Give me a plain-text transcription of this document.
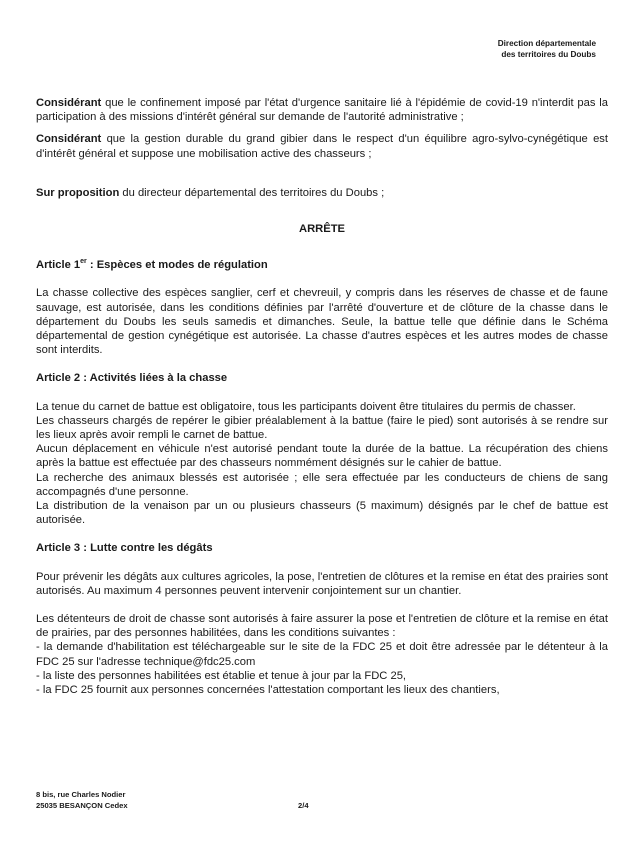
Direction départementale
des territoires du Doubs

Considérant que le confinement imposé par l'état d'urgence sanitaire lié à l'épidémie de covid-19 n'interdit pas la participation à des missions d'intérêt général sur demande de l'autorité administrative ;

Considérant que la gestion durable du grand gibier dans le respect d'un équilibre agro-sylvo-cynégétique est d'intérêt général et suppose une mobilisation active des chasseurs ;

Sur proposition du directeur départemental des territoires du Doubs ;

ARRÊTE

Article 1er : Espèces et modes de régulation

La chasse collective des espèces sanglier, cerf et chevreuil, y compris dans les réserves de chasse et de faune sauvage, est autorisée, dans les conditions définies par l'arrêté d'ouverture et de clôture de la chasse dans le département du Doubs les seuls samedis et dimanches. Seule, la battue telle que définie dans le Schéma départemental de gestion cynégétique est autorisée. La chasse d'autres espèces et les autres modes de chasse sont interdits.

Article 2 : Activités liées à la chasse

La tenue du carnet de battue est obligatoire, tous les participants doivent être titulaires du permis de chasser.

Les chasseurs chargés de repérer le gibier préalablement à la battue (faire le pied) sont autorisés à se rendre sur les lieux après avoir rempli le carnet de battue.

Aucun déplacement en véhicule n'est autorisé pendant toute la durée de la battue. La récupération des chiens après la battue est effectuée par des chasseurs nommément désignés sur le cahier de battue.

La recherche des animaux blessés est autorisée ; elle sera effectuée par les conducteurs de chiens de sang accompagnés d'une personne.

La distribution de la venaison par un ou plusieurs chasseurs (5 maximum) désignés par le chef de battue est autorisée.

Article 3 : Lutte contre les dégâts

Pour prévenir les dégâts aux cultures agricoles, la pose, l'entretien de clôtures et la remise en état des prairies sont autorisés. Au maximum 4 personnes peuvent intervenir conjointement sur un chantier.

Les détenteurs de droit de chasse sont autorisés à faire assurer la pose et l'entretien de clôture et la remise en état de prairies, par des personnes habilitées, dans les conditions suivantes :

- la demande d'habilitation est téléchargeable sur le site de la FDC 25 et doit être adressée par le détenteur à la FDC 25 sur l'adresse technique@fdc25.com

- la liste des personnes habilitées est établie et tenue à jour par la FDC 25,

- la FDC 25 fournit aux personnes concernées l'attestation comportant les lieux des chantiers,

8 bis, rue Charles Nodier
25035 BESANÇON Cedex	2/4
